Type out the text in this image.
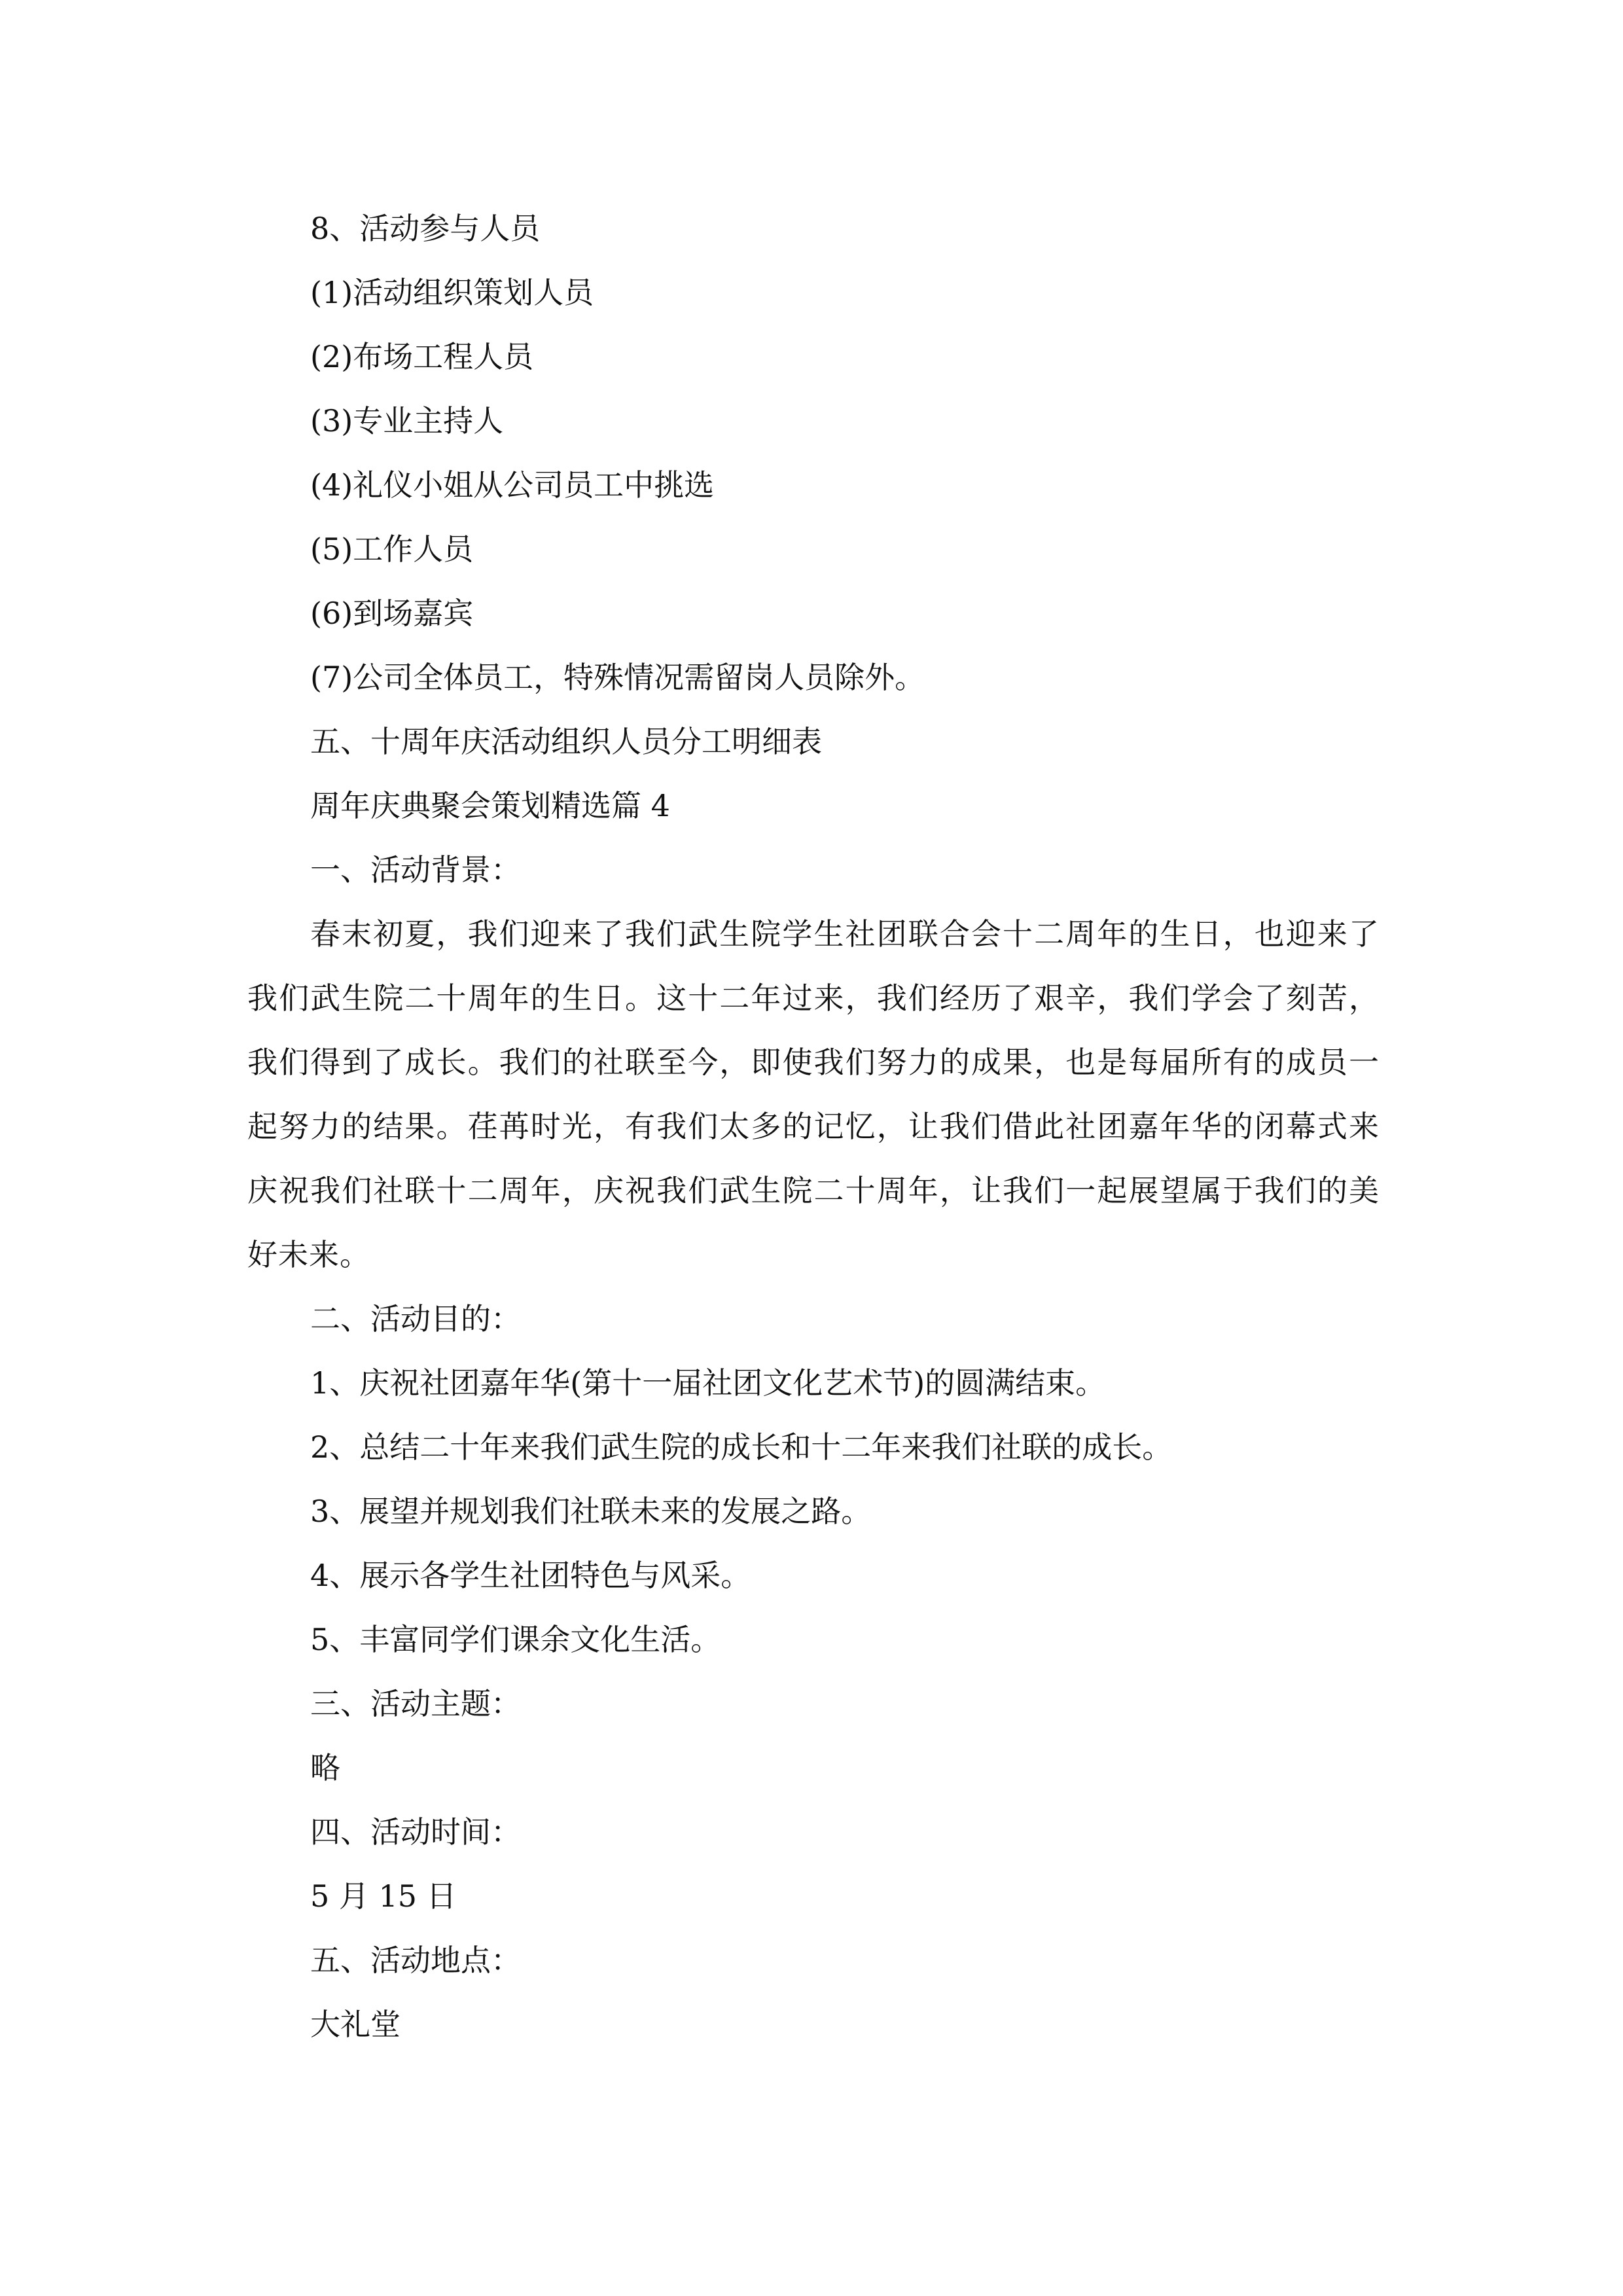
8、活动参与人员
(1)活动组织策划人员
(2)布场工程人员
(3)专业主持人
(4)礼仪小姐从公司员工中挑选
(5)工作人员
(6)到场嘉宾
(7)公司全体员工，特殊情况需留岗人员除外。
五、十周年庆活动组织人员分工明细表
周年庆典聚会策划精选篇 4
一、活动背景：
春末初夏，我们迎来了我们武生院学生社团联合会十二周年的生日，也迎来了我们武生院二十周年的生日。这十二年过来，我们经历了艰辛，我们学会了刻苦，我们得到了成长。我们的社联至今，即使我们努力的成果，也是每届所有的成员一起努力的结果。荏苒时光，有我们太多的记忆，让我们借此社团嘉年华的闭幕式来庆祝我们社联十二周年，庆祝我们武生院二十周年，让我们一起展望属于我们的美好未来。
二、活动目的：
1、庆祝社团嘉年华(第十一届社团文化艺术节)的圆满结束。
2、总结二十年来我们武生院的成长和十二年来我们社联的成长。
3、展望并规划我们社联未来的发展之路。
4、展示各学生社团特色与风采。
5、丰富同学们课余文化生活。
三、活动主题：
略
四、活动时间：
5 月 15 日
五、活动地点：
大礼堂
